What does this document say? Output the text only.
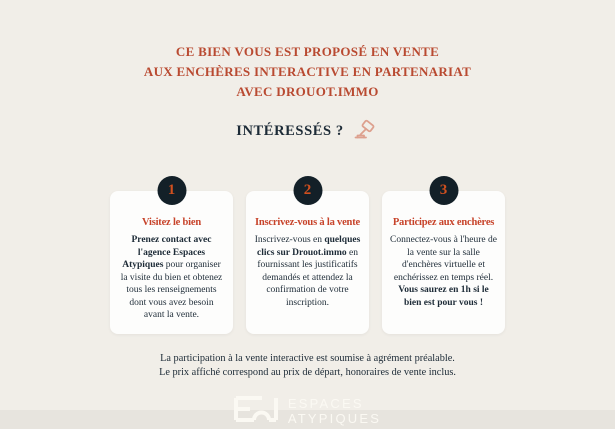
CE BIEN VOUS EST PROPOSÉ EN VENTE
AUX ENCHÈRES INTERACTIVE EN PARTENARIAT
AVEC DROUOT.IMMO
INTÉRESSÉS ?
1
Visitez le bien
Prenez contact avec l'agence Espaces Atypiques pour organiser la visite du bien et obtenez tous les renseignements dont vous avez besoin avant la vente.
2
Inscrivez-vous à la vente
Inscrivez-vous en quelques clics sur Drouot.immo en fournissant les justificatifs demandés et attendez la confirmation de votre inscription.
3
Participez aux enchères
Connectez-vous à l'heure de la vente sur la salle d'enchères virtuelle et enchérissez en temps réel. Vous saurez en 1h si le bien est pour vous !
La participation à la vente interactive est soumise à agrément préalable.
Le prix affiché correspond au prix de départ, honoraires de vente inclus.
ESPACES
ATYPIQUES
